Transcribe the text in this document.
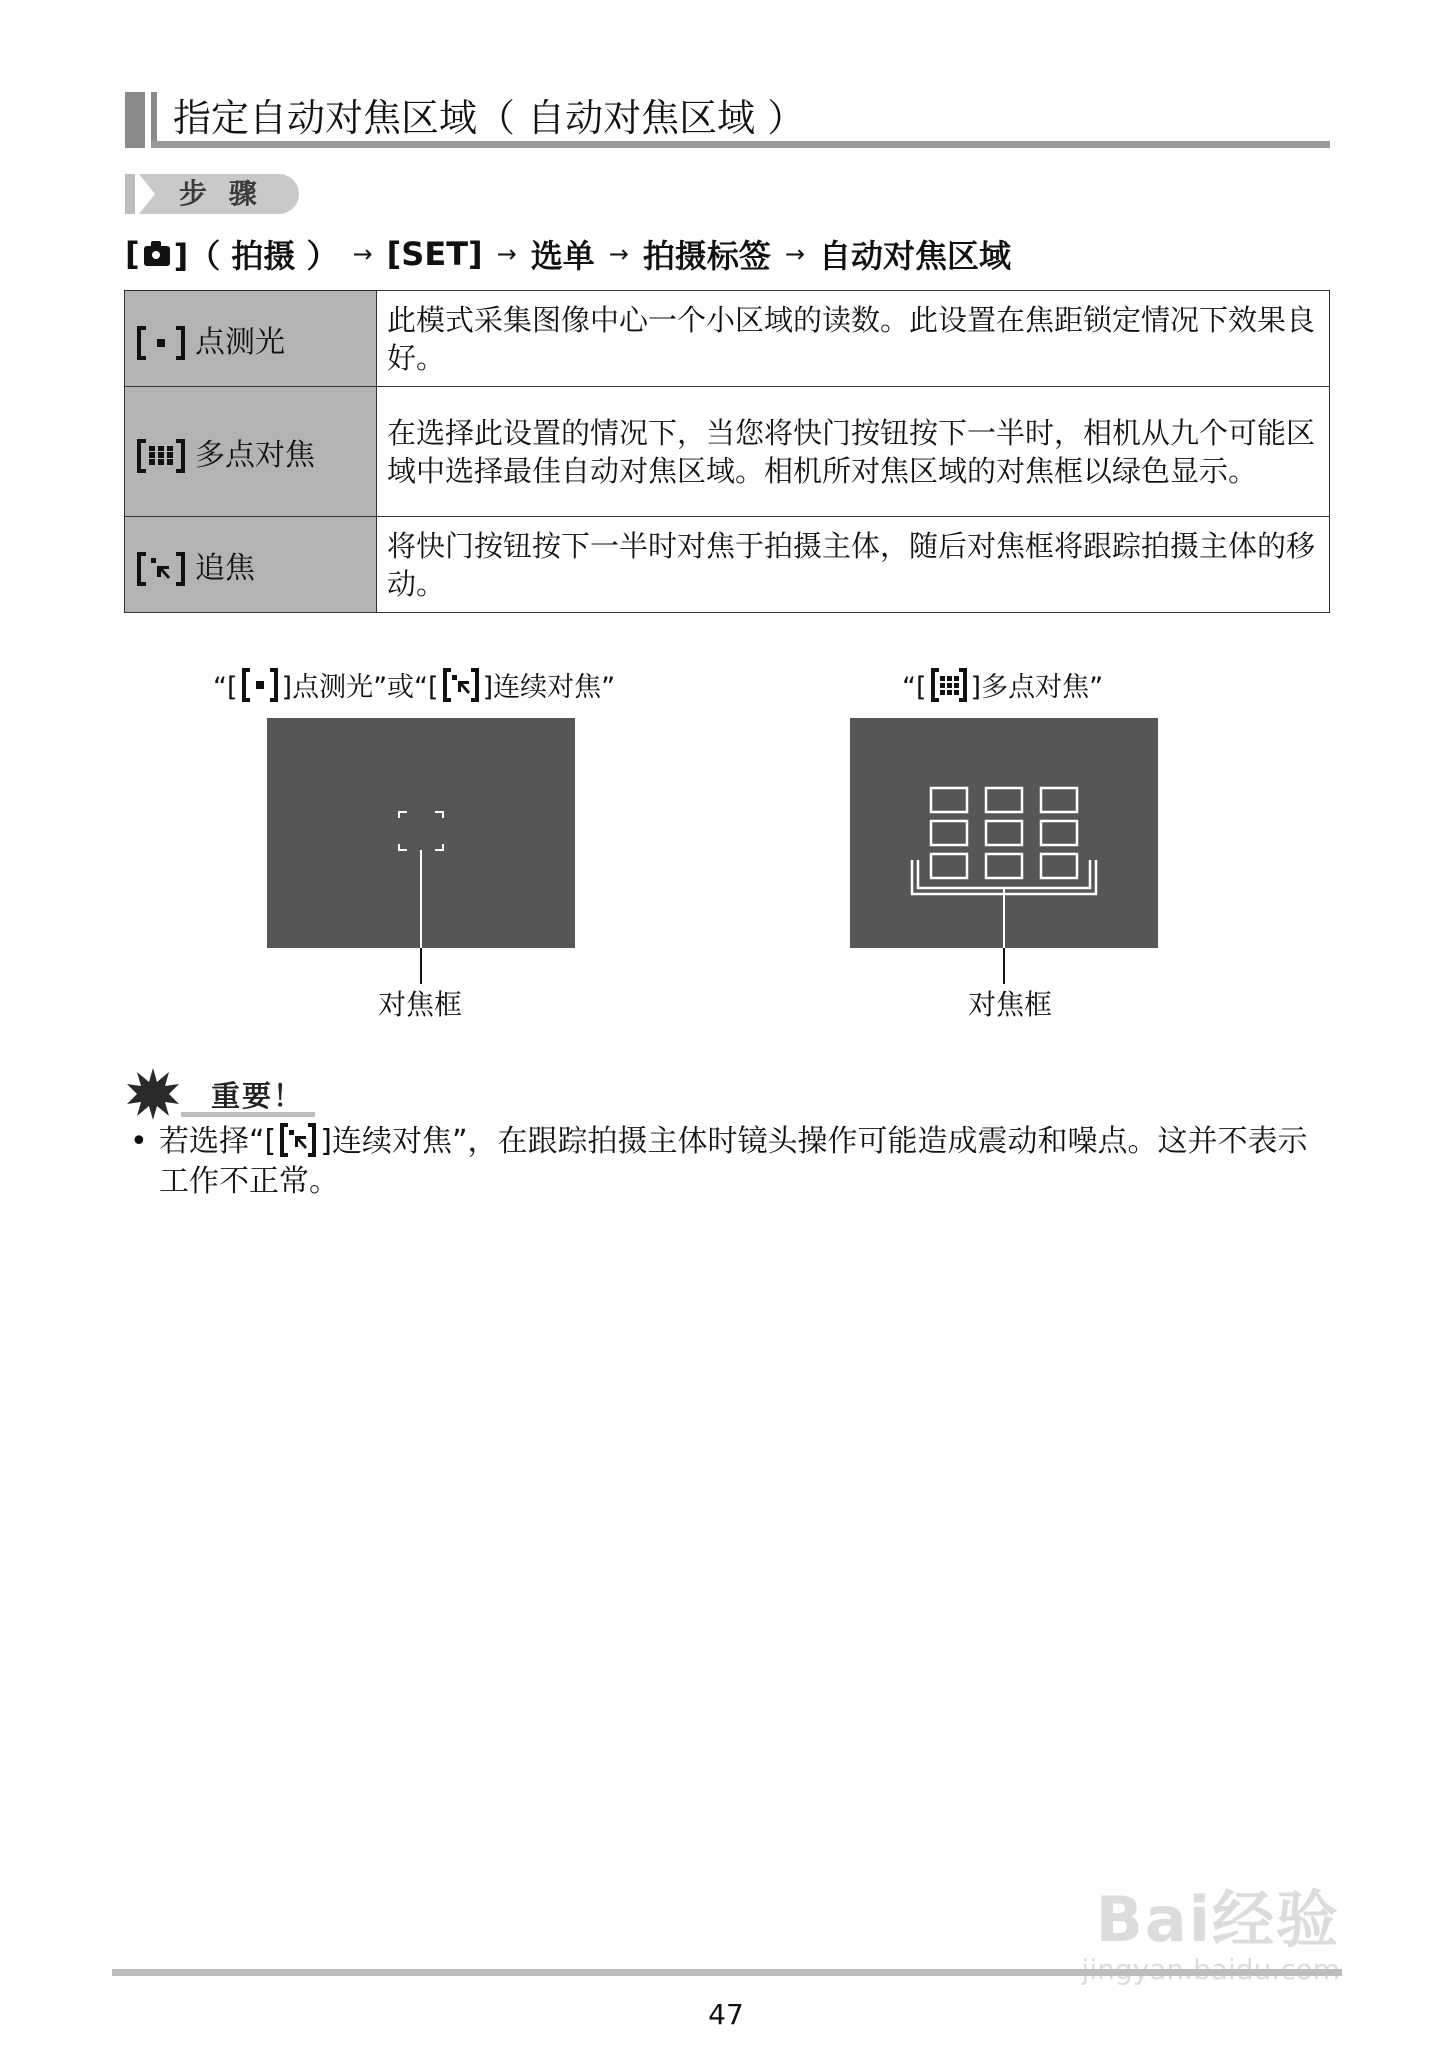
指定自动对焦区域（ 自动对焦区域 ）
步 骤
[ ]（ 拍摄 ） → [SET] → 选单 → 拍摄标签 → 自动对焦区域
点测光	此模式采集图像中心一个小区域的读数。此设置在焦距锁定情况下效果良好。

多点对焦	在选择此设置的情况下，当您将快门按钮按下一半时，相机从九个可能区域中选择最佳自动对焦区域。相机所对焦区域的对焦框以绿色显示。

追焦	将快门按钮按下一半时对焦于拍摄主体，随后对焦框将跟踪拍摄主体的移动。
“[ ]点测光”或“[ ]连续对焦”
对焦框
“[ ]多点对焦”
对焦框
重要！
• 若选择“[ ]连续对焦”，在跟踪拍摄主体时镜头操作可能造成震动和噪点。这并不表示工作不正常。
Bai经验
47
